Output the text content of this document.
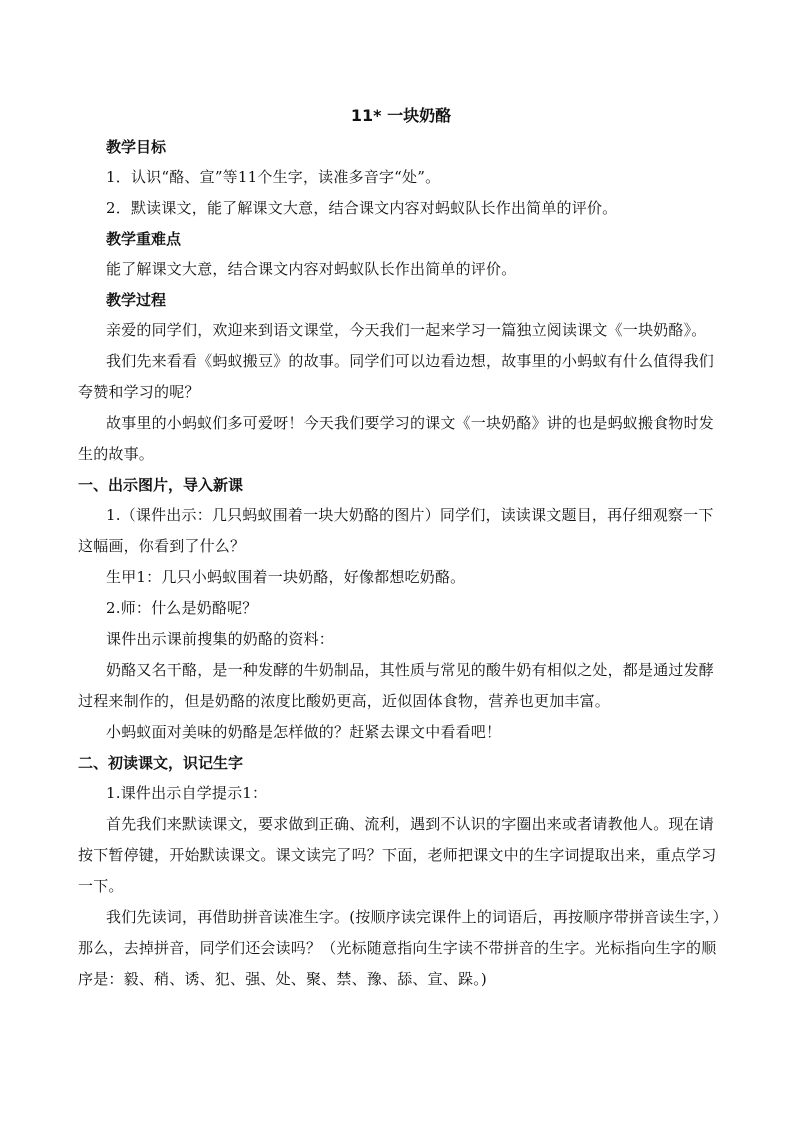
11* 一块奶酪

教学目标

1．认识“酪、宣”等11个生字，读准多音字“处”。

2．默读课文，能了解课文大意，结合课文内容对蚂蚁队长作出简单的评价。

教学重难点

能了解课文大意，结合课文内容对蚂蚁队长作出简单的评价。

教学过程

亲爱的同学们，欢迎来到语文课堂，今天我们一起来学习一篇独立阅读课文《一块奶酪》。

我们先来看看《蚂蚁搬豆》的故事。同学们可以边看边想，故事里的小蚂蚁有什么值得我们夸赞和学习的呢？

故事里的小蚂蚁们多可爱呀！今天我们要学习的课文《一块奶酪》讲的也是蚂蚁搬食物时发生的故事。

一、出示图片，导入新课

1.（课件出示：几只蚂蚁围着一块大奶酪的图片）同学们，读读课文题目，再仔细观察一下这幅画，你看到了什么？

生甲1：几只小蚂蚁围着一块奶酪，好像都想吃奶酪。

2.师：什么是奶酪呢？

课件出示课前搜集的奶酪的资料：

奶酪又名干酪，是一种发酵的牛奶制品，其性质与常见的酸牛奶有相似之处，都是通过发酵过程来制作的，但是奶酪的浓度比酸奶更高，近似固体食物，营养也更加丰富。

小蚂蚁面对美味的奶酪是怎样做的？赶紧去课文中看看吧！

二、初读课文，识记生字

1.课件出示自学提示1：

首先我们来默读课文，要求做到正确、流利，遇到不认识的字圈出来或者请教他人。现在请按下暂停键，开始默读课文。课文读完了吗？下面，老师把课文中的生字词提取出来，重点学习一下。

我们先读词，再借助拼音读准生字。(按顺序读完课件上的词语后，再按顺序带拼音读生字，）那么，去掉拼音，同学们还会读吗？（光标随意指向生字读不带拼音的生字。光标指向生字的顺序是：毅、稍、诱、犯、强、处、聚、禁、豫、舔、宣、跺。)
